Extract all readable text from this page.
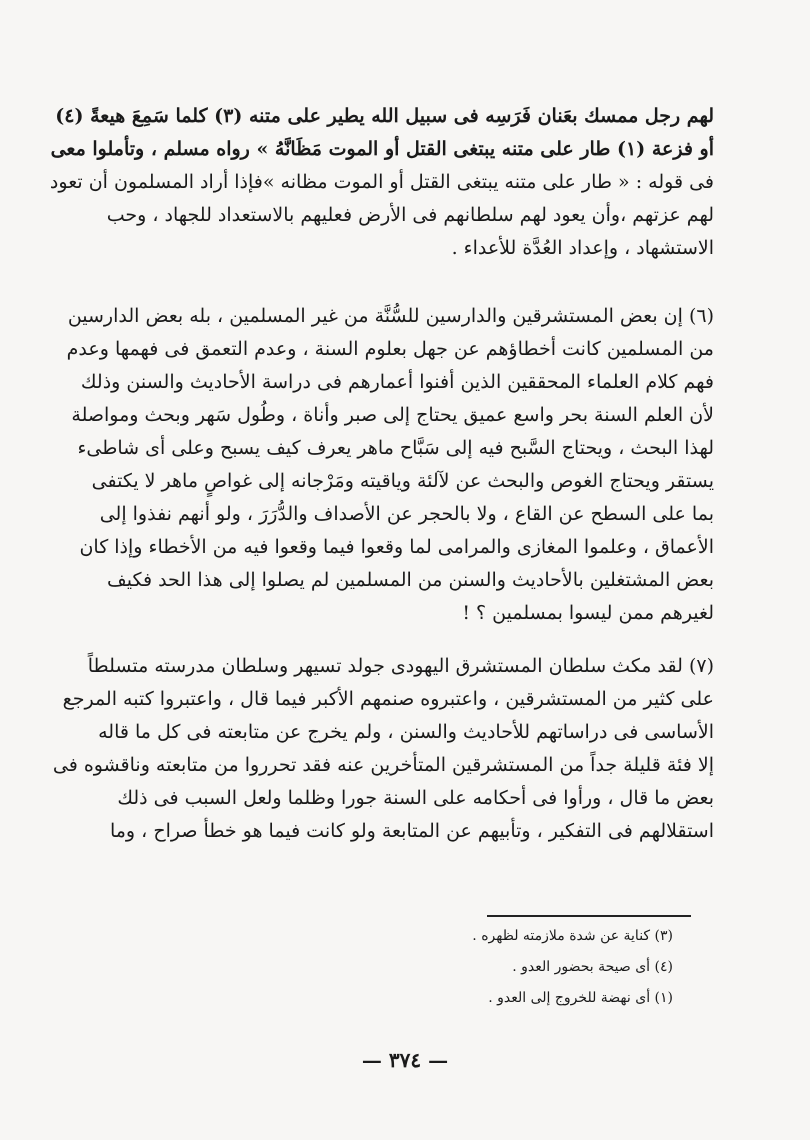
لهم رجل ممسك بعَنان فَرَسِه فى سبيل الله يطير على متنه (٣) كلما سَمِعَ هيعةً (٤)
أو فزعة (١) طار على متنه يبتغى القتل أو الموت مَظَانَّهُ » رواه مسلم ، وتأملوا معى
فى قوله : « طار على متنه يبتغى القتل أو الموت مظانه »فإذا أراد المسلمون أن تعود
لهم عزتهم ،وأن يعود لهم سلطانهم فى الأرض فعليهم بالاستعداد للجهاد ، وحب
الاستشهاد ، وإعداد العُدَّة للأعداء .

(٦) إن بعض المستشرقين والدارسين للسُّنَّة من غير المسلمين ، بله بعض الدارسين
من المسلمين كانت أخطاؤهم عن جهل بعلوم السنة ، وعدم التعمق فى فهمها وعدم
فهم كلام العلماء المحققين الذين أفنوا أعمارهم فى دراسة الأحاديث والسنن وذلك
لأن العلم السنة بحر واسع عميق يحتاج إلى صبر وأناة ، وطُول سَهر وبحث ومواصلة
لهذا البحث ، ويحتاج السَّبح فيه إلى سَبَّاح ماهر يعرف كيف يسبح وعلى أى شاطىء
يستقر ويحتاج الغوص والبحث عن لآلئة وياقيته ومَرْجانه إلى غواصٍ ماهر لا يكتفى
بما على السطح عن القاع ، ولا بالحجر عن الأصداف والدُّرَرَ ، ولو أنهم نفذوا إلى
الأعماق ، وعلموا المغازى والمرامى لما وقعوا فيما وقعوا فيه من الأخطاء وإذا كان
بعض المشتغلين بالأحاديث والسنن من المسلمين لم يصلوا إلى هذا الحد فكيف
لغيرهم ممن ليسوا بمسلمين ؟ !

(٧) لقد مكث سلطان المستشرق اليهودى جولد تسيهر وسلطان مدرسته متسلطاً
على كثير من المستشرقين ، واعتبروه صنمهم الأكبر فيما قال ، واعتبروا كتبه المرجع
الأساسى فى دراساتهم للأحاديث والسنن ، ولم يخرج عن متابعته فى كل ما قاله
إلا فئة قليلة جداً من المستشرقين المتأخرين عنه فقد تحرروا من متابعته وناقشوه فى
بعض ما قال ، ورأوا فى أحكامه على السنة جورا وظلما ولعل السبب فى ذلك
استقلالهم فى التفكير ، وتأبيهم عن المتابعة ولو كانت فيما هو خطأ صراح ، وما

(٣) كناية عن شدة ملازمته لظهره .
(٤) أى صيحة بحضور العدو .
(١) أى نهضة للخروج إلى العدو .
— ٣٧٤ —
